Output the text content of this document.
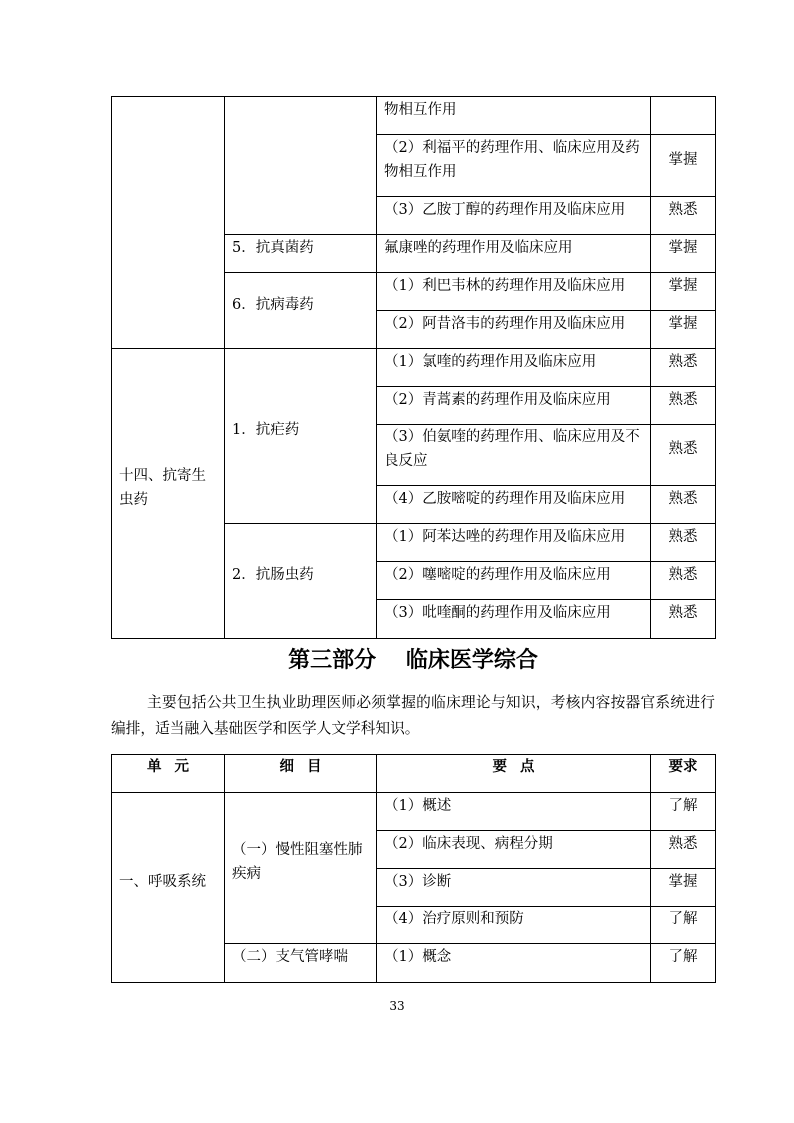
		物相互作用	
		（2）利福平的药理作用、临床应用及药物相互作用	掌握
		（3）乙胺丁醇的药理作用及临床应用	熟悉
	5．抗真菌药	氟康唑的药理作用及临床应用	掌握
	6．抗病毒药	（1）利巴韦林的药理作用及临床应用	掌握
		（2）阿昔洛韦的药理作用及临床应用	掌握
十四、抗寄生虫药	1．抗疟药	（1）氯喹的药理作用及临床应用	熟悉
		（2）青蒿素的药理作用及临床应用	熟悉
		（3）伯氨喹的药理作用、临床应用及不良反应	熟悉
		（4）乙胺嘧啶的药理作用及临床应用	熟悉
	2．抗肠虫药	（1）阿苯达唑的药理作用及临床应用	熟悉
		（2）噻嘧啶的药理作用及临床应用	熟悉
		（3）吡喹酮的药理作用及临床应用	熟悉
第三部分 临床医学综合

主要包括公共卫生执业助理医师必须掌握的临床理论与知识，考核内容按器官系统进行编排，适当融入基础医学和医学人文学科知识。

单 元	细 目	要 点	要求
一、呼吸系统	（一）慢性阻塞性肺疾病	（1）概述	了解
		（2）临床表现、病程分期	熟悉
		（3）诊断	掌握
		（4）治疗原则和预防	了解
	（二）支气管哮喘	（1）概念	了解
33
